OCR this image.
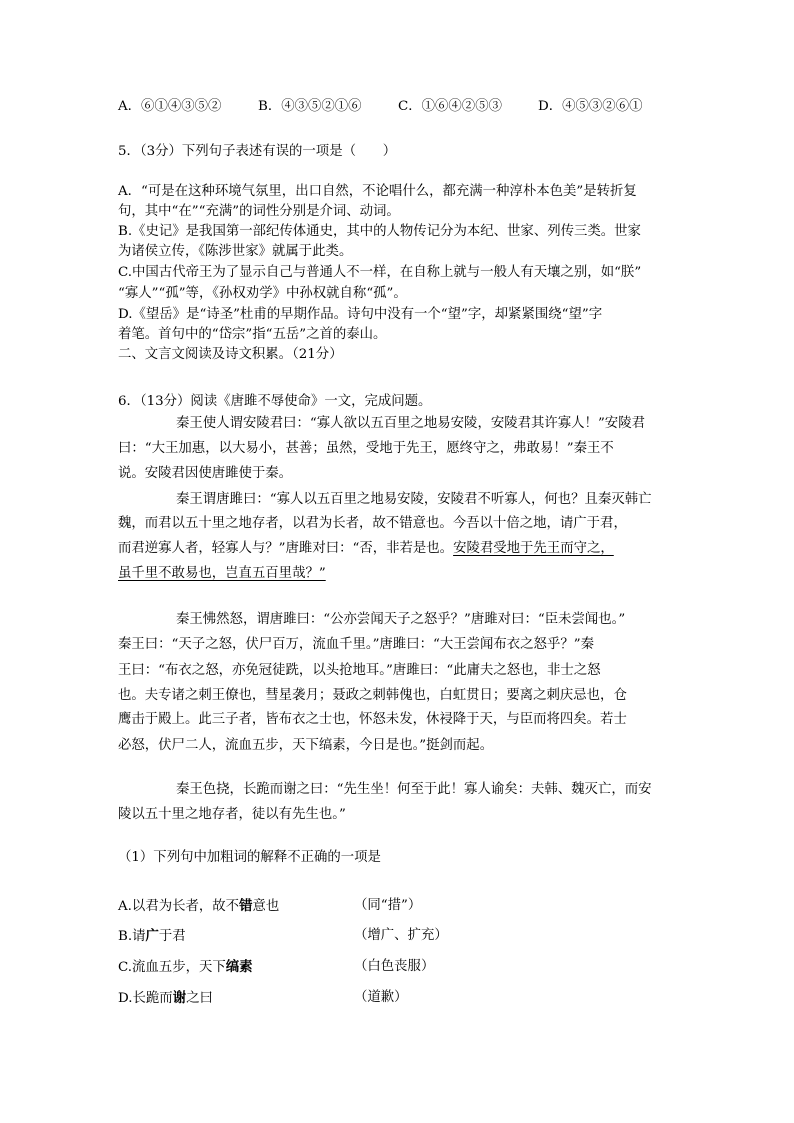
A．⑥①④③⑤②	B．④③⑤②①⑥	C．①⑥④②⑤③	D．④⑤③②⑥①
5．（3分）下列句子表述有误的一项是（　　）
A．“可是在这种环境气氛里，出口自然，不论唱什么，都充满一种淳朴本色美”是转折复
句，其中“在”“充满”的词性分别是介词、动词。
B.《史记》是我国第一部纪传体通史，其中的人物传记分为本纪、世家、列传三类。世家
为诸侯立传，《陈涉世家》就属于此类。
C.中国古代帝王为了显示自己与普通人不一样，在自称上就与一般人有天壤之别，如“朕”
“寡人”“孤”等，《孙权劝学》中孙权就自称“孤”。
D.《望岳》是“诗圣”杜甫的早期作品。诗句中没有一个“望”字，却紧紧围绕“望”字
着笔。首句中的“岱宗”指“五岳”之首的泰山。
二、文言文阅读及诗文积累。（21分）
6．（13分）阅读《唐雎不辱使命》一文，完成问题。
秦王使人谓安陵君曰：“寡人欲以五百里之地易安陵，安陵君其许寡人！”安陵君
曰：“大王加惠，以大易小，甚善；虽然，受地于先王，愿终守之，弗敢易！”秦王不
说。安陵君因使唐雎使于秦。
秦王谓唐雎曰：“寡人以五百里之地易安陵，安陵君不听寡人，何也？且秦灭韩亡
魏，而君以五十里之地存者，以君为长者，故不错意也。今吾以十倍之地，请广于君，
而君逆寡人者，轻寡人与？”唐雎对曰：“否，非若是也。安陵君受地于先王而守之，
虽千里不敢易也，岂直五百里哉？”
秦王怫然怒，谓唐雎曰：“公亦尝闻天子之怒乎？”唐雎对曰：“臣未尝闻也。”
秦王曰：“天子之怒，伏尸百万，流血千里。”唐雎曰：“大王尝闻布衣之怒乎？”秦
王曰：“布衣之怒，亦免冠徒跣，以头抢地耳。”唐雎曰：“此庸夫之怒也，非士之怒
也。夫专诸之刺王僚也，彗星袭月；聂政之刺韩傀也，白虹贯日；要离之刺庆忌也，仓
鹰击于殿上。此三子者，皆布衣之士也，怀怒未发，休祲降于天，与臣而将四矣。若士
必怒，伏尸二人，流血五步，天下缟素，今日是也。”挺剑而起。
秦王色挠，长跪而谢之曰：“先生坐！何至于此！寡人谕矣：夫韩、魏灭亡，而安
陵以五十里之地存者，徒以有先生也。”
（1）下列句中加粗词的解释不正确的一项是
A.以君为长者，故不错意也	（同“措”）
B.请广于君	（增广、扩充）
C.流血五步，天下缟素	（白色丧服）
D.长跪而谢之曰	（道歉）
